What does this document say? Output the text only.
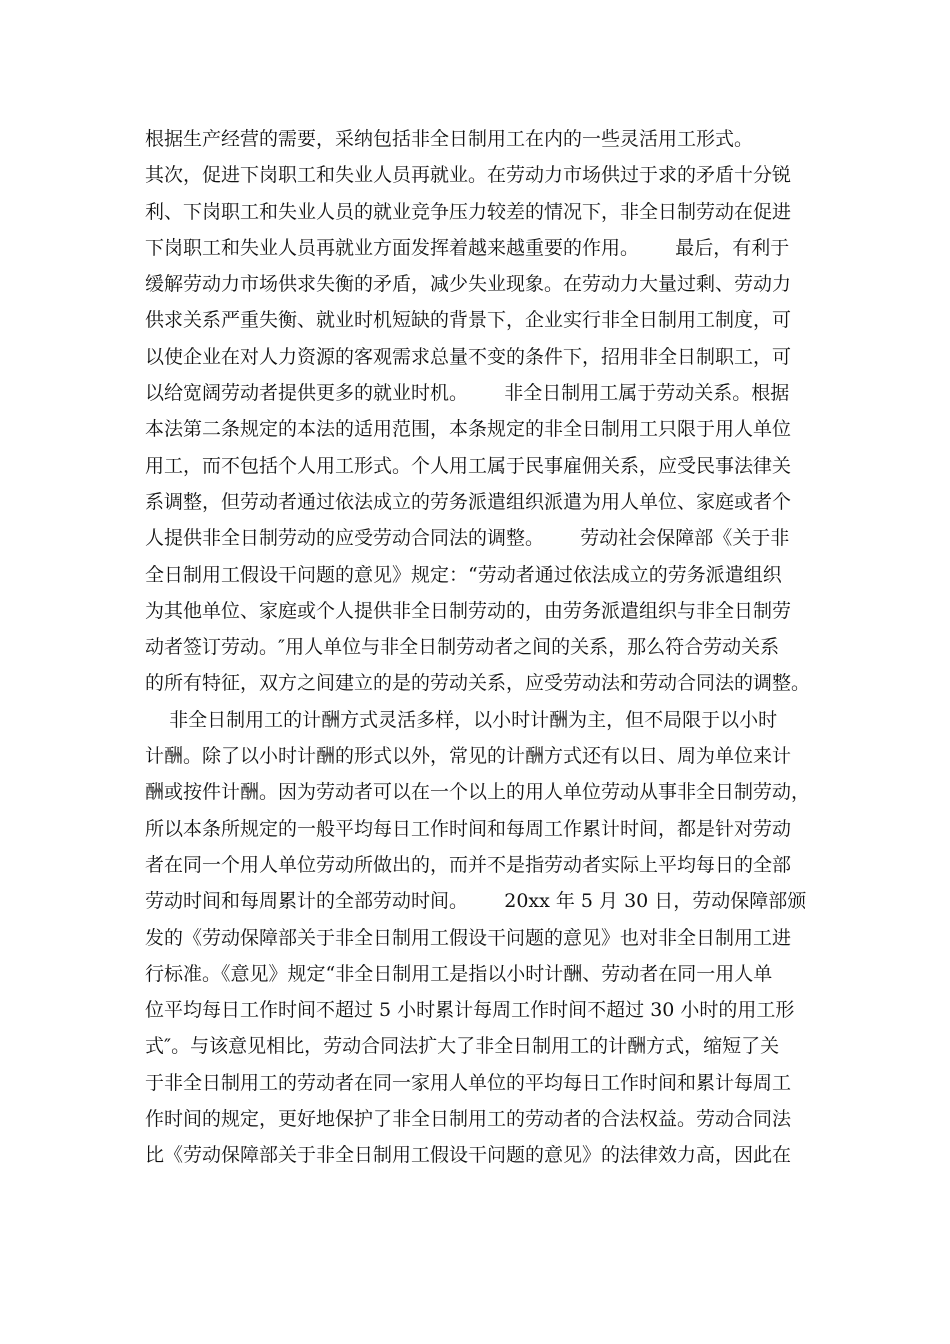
根据生产经营的需要，采纳包括非全日制用工在内的一些灵活用工形式。
其次，促进下岗职工和失业人员再就业。在劳动力市场供过于求的矛盾十分锐
利、下岗职工和失业人员的就业竞争压力较差的情况下，非全日制劳动在促进
下岗职工和失业人员再就业方面发挥着越来越重要的作用。      最后，有利于
缓解劳动力市场供求失衡的矛盾，减少失业现象。在劳动力大量过剩、劳动力
供求关系严重失衡、就业时机短缺的背景下，企业实行非全日制用工制度，可
以使企业在对人力资源的客观需求总量不变的条件下，招用非全日制职工，可
以给宽阔劳动者提供更多的就业时机。      非全日制用工属于劳动关系。根据
本法第二条规定的本法的适用范围，本条规定的非全日制用工只限于用人单位
用工，而不包括个人用工形式。个人用工属于民事雇佣关系，应受民事法律关
系调整，但劳动者通过依法成立的劳务派遣组织派遣为用人单位、家庭或者个
人提供非全日制劳动的应受劳动合同法的调整。      劳动社会保障部《关于非
全日制用工假设干问题的意见》规定：“劳动者通过依法成立的劳务派遣组织
为其他单位、家庭或个人提供非全日制劳动的，由劳务派遣组织与非全日制劳
动者签订劳动。″用人单位与非全日制劳动者之间的关系，那么符合劳动关系
的所有特征，双方之间建立的是的劳动关系，应受劳动法和劳动合同法的调整。
非全日制用工的计酬方式灵活多样，以小时计酬为主，但不局限于以小时
计酬。除了以小时计酬的形式以外，常见的计酬方式还有以日、周为单位来计
酬或按件计酬。因为劳动者可以在一个以上的用人单位劳动从事非全日制劳动，
所以本条所规定的一般平均每日工作时间和每周工作累计时间，都是针对劳动
者在同一个用人单位劳动所做出的，而并不是指劳动者实际上平均每日的全部
劳动时间和每周累计的全部劳动时间。      20xx 年 5 月 30 日，劳动保障部颁
发的《劳动保障部关于非全日制用工假设干问题的意见》也对非全日制用工进
行标准。《意见》规定“非全日制用工是指以小时计酬、劳动者在同一用人单
位平均每日工作时间不超过 5 小时累计每周工作时间不超过 30 小时的用工形
式″。与该意见相比，劳动合同法扩大了非全日制用工的计酬方式，缩短了关
于非全日制用工的劳动者在同一家用人单位的平均每日工作时间和累计每周工
作时间的规定，更好地保护了非全日制用工的劳动者的合法权益。劳动合同法
比《劳动保障部关于非全日制用工假设干问题的意见》的法律效力高，因此在
